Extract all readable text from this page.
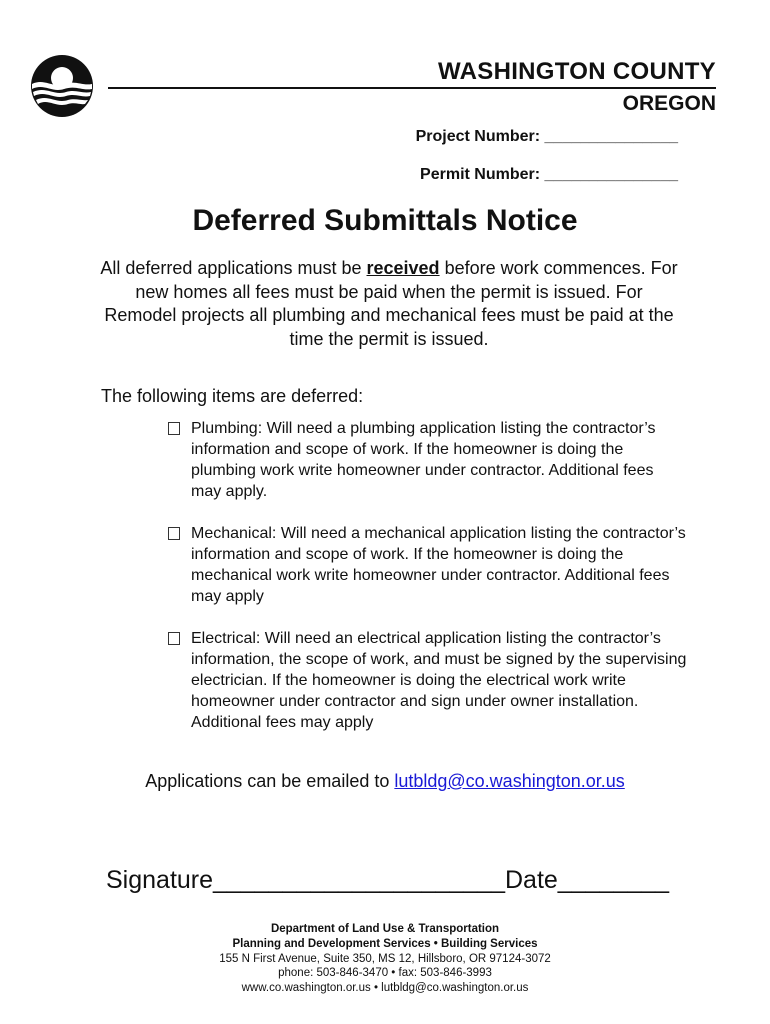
WASHINGTON COUNTY
OREGON
Project Number: _______________
Permit Number: _______________
Deferred Submittals Notice
All deferred applications must be received before work commences. For new homes all fees must be paid when the permit is issued. For Remodel projects all plumbing and mechanical fees must be paid at the time the permit is issued.
The following items are deferred:
Plumbing: Will need a plumbing application listing the contractor’s information and scope of work. If the homeowner is doing the plumbing work write homeowner under contractor. Additional fees may apply.
Mechanical: Will need a mechanical application listing the contractor’s information and scope of work. If the homeowner is doing the mechanical work write homeowner under contractor. Additional fees may apply
Electrical: Will need an electrical application listing the contractor’s information, the scope of work, and must be signed by the supervising electrician. If the homeowner is doing the electrical work write homeowner under contractor and sign under owner installation. Additional fees may apply
Applications can be emailed to lutbldg@co.washington.or.us
Signature_____________________Date________
Department of Land Use & Transportation
Planning and Development Services • Building Services
155 N First Avenue, Suite 350, MS 12, Hillsboro, OR 97124-3072
phone: 503-846-3470 • fax: 503-846-3993
www.co.washington.or.us • lutbldg@co.washington.or.us
